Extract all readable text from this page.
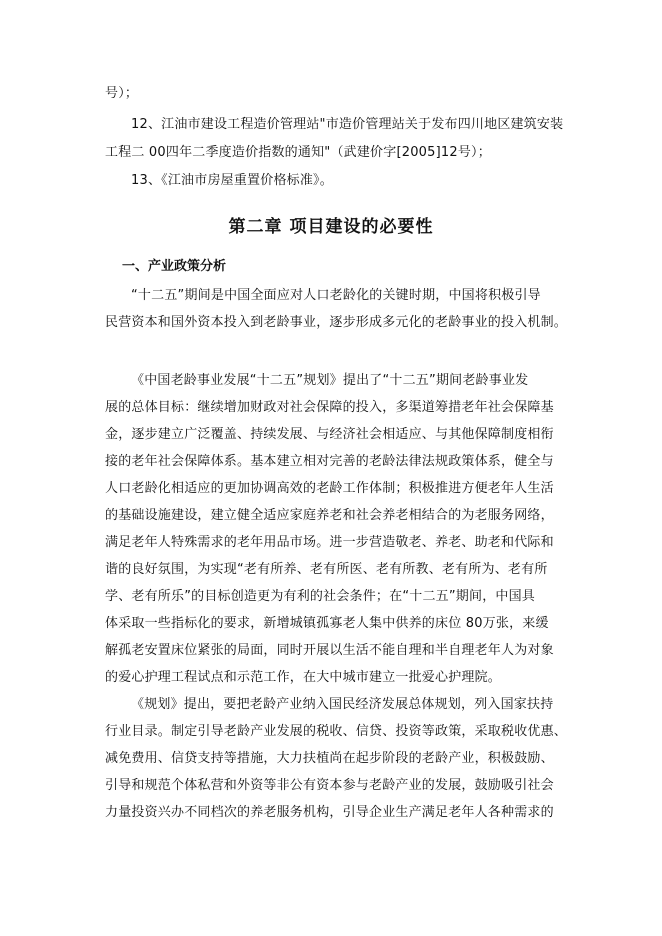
号）；
12、江油市建设工程造价管理站"市造价管理站关于发布四川地区建筑安装
工程二 00四年二季度造价指数的通知"（武建价字[2005]12号）；
13、《江油市房屋重置价格标准》。
第二章 项目建设的必要性
一、产业政策分析
“十二五”期间是中国全面应对人口老龄化的关键时期，中国将积极引导
民营资本和国外资本投入到老龄事业，逐步形成多元化的老龄事业的投入机制。
《中国老龄事业发展“十二五”规划》提出了“十二五”期间老龄事业发
展的总体目标：继续增加财政对社会保障的投入，多渠道筹措老年社会保障基
金，逐步建立广泛覆盖、持续发展、与经济社会相适应、与其他保障制度相衔
接的老年社会保障体系。基本建立相对完善的老龄法律法规政策体系，健全与
人口老龄化相适应的更加协调高效的老龄工作体制；积极推进方便老年人生活
的基础设施建设，建立健全适应家庭养老和社会养老相结合的为老服务网络，
满足老年人特殊需求的老年用品市场。进一步营造敬老、养老、助老和代际和
谐的良好氛围，为实现“老有所养、老有所医、老有所教、老有所为、老有所
学、老有所乐”的目标创造更为有利的社会条件；在“十二五”期间，中国具
体采取一些指标化的要求，新增城镇孤寡老人集中供养的床位 80万张，来缓
解孤老安置床位紧张的局面，同时开展以生活不能自理和半自理老年人为对象
的爱心护理工程试点和示范工作，在大中城市建立一批爱心护理院。
《规划》提出，要把老龄产业纳入国民经济发展总体规划，列入国家扶持
行业目录。制定引导老龄产业发展的税收、信贷、投资等政策，采取税收优惠、
减免费用、信贷支持等措施，大力扶植尚在起步阶段的老龄产业，积极鼓励、
引导和规范个体私营和外资等非公有资本参与老龄产业的发展，鼓励吸引社会
力量投资兴办不同档次的养老服务机构，引导企业生产满足老年人各种需求的
